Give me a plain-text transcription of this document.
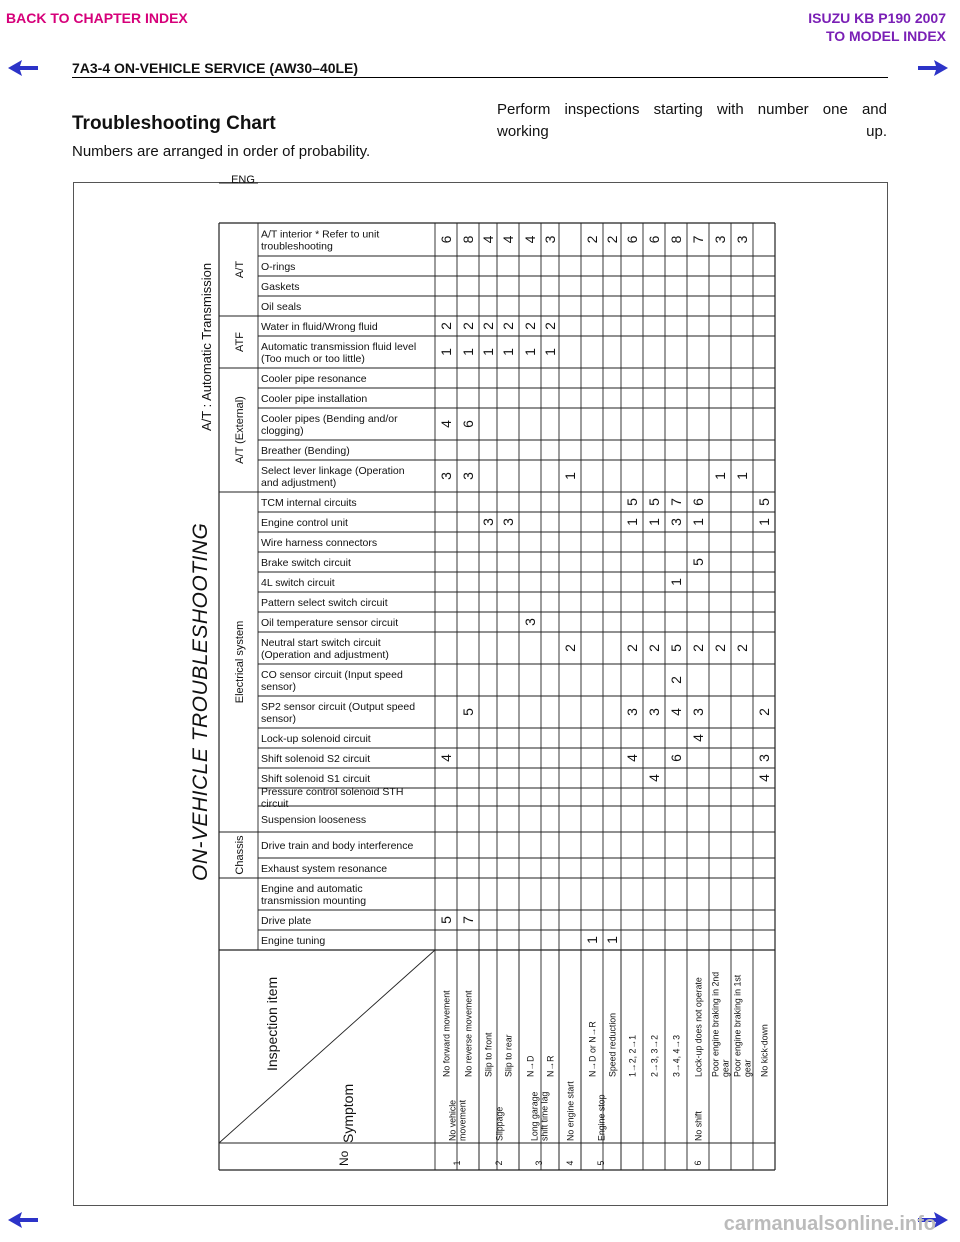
BACK TO CHAPTER INDEX	ISUZU KB P190 2007
TO MODEL INDEX
7A3-4 ON-VEHICLE SERVICE (AW30–40LE)
Troubleshooting Chart
Numbers are arranged in order of probability.
Perform inspections starting with number one and
working up.
ON-VEHICLE TROUBLESHOOTING
A/T : Automatic Transmission
Inspection item
Symptom
No
A/T
ATF
A/T (External)
Electrical system
Chassis
ENG
A/T interior * Refer to unit
troubleshooting
O-rings
Gaskets
Oil seals
Water in fluid/Wrong fluid
Automatic transmission fluid level
(Too much or too little)
Cooler pipe resonance
Cooler pipe installation
Cooler pipes (Bending and/or
clogging)
Breather (Bending)
Select lever linkage (Operation
and adjustment)
TCM internal circuits
Engine control unit
Wire harness connectors
Brake switch circuit
4L switch circuit
Pattern select switch circuit
Oil temperature sensor circuit
Neutral start switch circuit
(Operation and adjustment)
CO sensor circuit (Input speed
sensor)
SP2 sensor circuit (Output speed
sensor)
Lock-up solenoid circuit
Shift solenoid S2 circuit
Shift solenoid S1 circuit
Pressure control solenoid STH
circuit
Suspension looseness
Drive train and body interference
Exhaust system resonance
Engine and automatic
transmission mounting
Drive plate
Engine tuning
No forward movement No reverse movement Slip to front Slip to rear N→D N→R	N→D or N→R Speed reduction 1→2, 2→1 2→3, 3→2 3→4, 4→3 Lock-up does not operate Poor engine braking in 2nd gear Poor engine braking in 1st gear No kick-down
No vehicle movement
1
Slippage
2
Long garage shift time lag
3
No engine start
4
Engine stop
5
No shift
6
6
2
1
4
3
4
5
8
2
1
6
3
5
7
4
2
1
3
4
2
1
3
4
2
1
3
3
2
1
1
2
2
1
2
1
6
5
1
2
3
4
6
5
1
2
3
4
8
7
3
1
5
2
4
6
7
6
1
5
2
3
4
3
1
2
3
1
2
5
1
2
3
4
carmanualsonline.info
